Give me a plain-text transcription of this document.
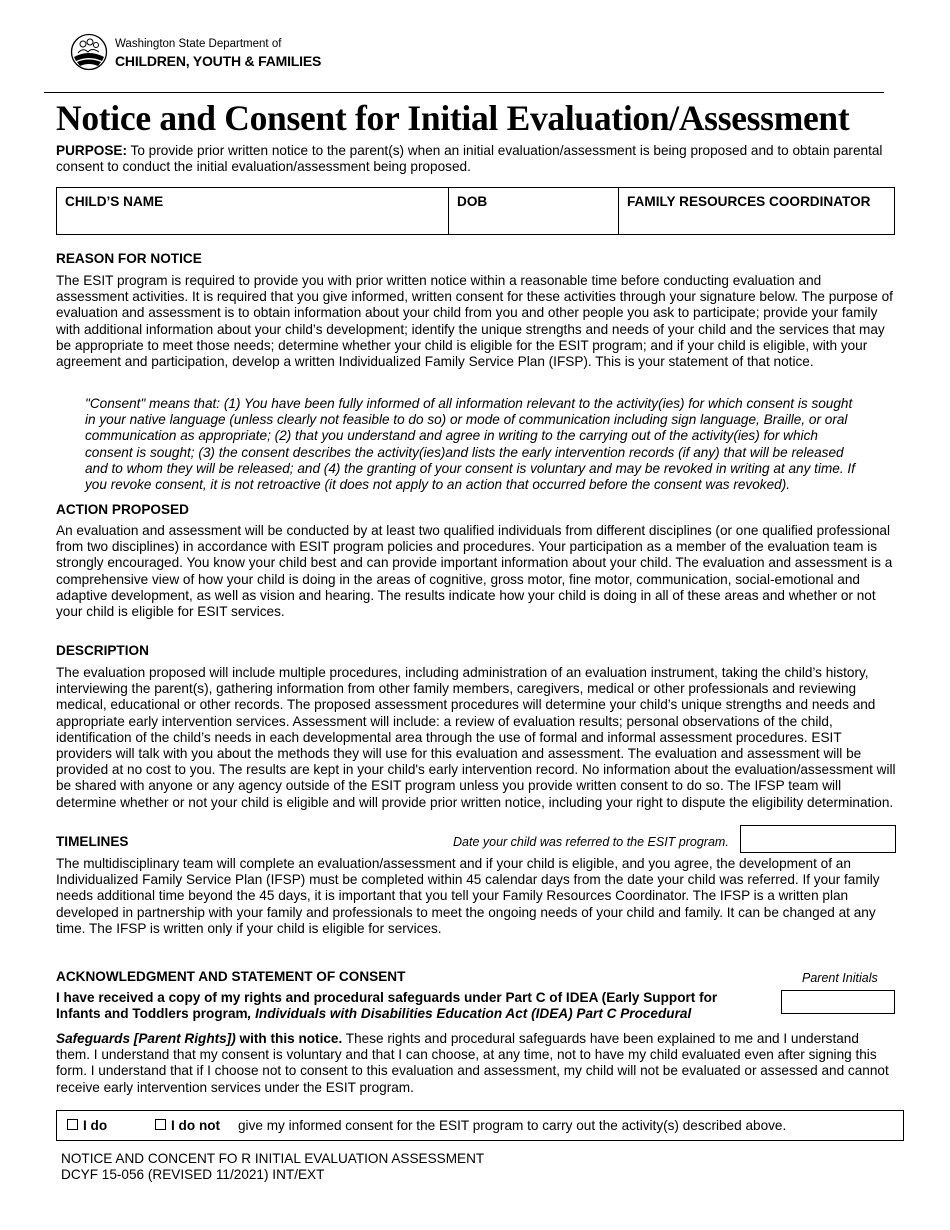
Washington State Department of
CHILDREN, YOUTH & FAMILIES
Notice and Consent for Initial Evaluation/Assessment
PURPOSE: To provide prior written notice to the parent(s) when an initial evaluation/assessment is being proposed and to obtain parental consent to conduct the initial evaluation/assessment being proposed.
CHILD’S NAME	DOB	FAMILY RESOURCES COORDINATOR
REASON FOR NOTICE
The ESIT program is required to provide you with prior written notice within a reasonable time before conducting evaluation and assessment activities. It is required that you give informed, written consent for these activities through your signature below. The purpose of evaluation and assessment is to obtain information about your child from you and other people you ask to participate; provide your family with additional information about your child’s development; identify the unique strengths and needs of your child and the services that may be appropriate to meet those needs; determine whether your child is eligible for the ESIT program; and if your child is eligible, with your agreement and participation, develop a written Individualized Family Service Plan (IFSP). This is your statement of that notice.
"Consent" means that: (1) You have been fully informed of all information relevant to the activity(ies) for which consent is sought in your native language (unless clearly not feasible to do so) or mode of communication including sign language, Braille, or oral communication as appropriate; (2) that you understand and agree in writing to the carrying out of the activity(ies) for which consent is sought; (3) the consent describes the activity(ies)and lists the early intervention records (if any) that will be released and to whom they will be released; and (4) the granting of your consent is voluntary and may be revoked in writing at any time. If you revoke consent, it is not retroactive (it does not apply to an action that occurred before the consent was revoked).
ACTION PROPOSED
An evaluation and assessment will be conducted by at least two qualified individuals from different disciplines (or one qualified professional from two disciplines) in accordance with ESIT program policies and procedures. Your participation as a member of the evaluation team is strongly encouraged. You know your child best and can provide important information about your child. The evaluation and assessment is a comprehensive view of how your child is doing in the areas of cognitive, gross motor, fine motor, communication, social-emotional and adaptive development, as well as vision and hearing. The results indicate how your child is doing in all of these areas and whether or not your child is eligible for ESIT services.
DESCRIPTION
The evaluation proposed will include multiple procedures, including administration of an evaluation instrument, taking the child’s history, interviewing the parent(s), gathering information from other family members, caregivers, medical or other professionals and reviewing medical, educational or other records. The proposed assessment procedures will determine your child’s unique strengths and needs and appropriate early intervention services. Assessment will include: a review of evaluation results; personal observations of the child, identification of the child’s needs in each developmental area through the use of formal and informal assessment procedures. ESIT providers will talk with you about the methods they will use for this evaluation and assessment. The evaluation and assessment will be provided at no cost to you. The results are kept in your child's early intervention record. No information about the evaluation/assessment will be shared with anyone or any agency outside of the ESIT program unless you provide written consent to do so. The IFSP team will determine whether or not your child is eligible and will provide prior written notice, including your right to dispute the eligibility determination.
TIMELINES	Date your child was referred to the ESIT program.
The multidisciplinary team will complete an evaluation/assessment and if your child is eligible, and you agree, the development of an Individualized Family Service Plan (IFSP) must be completed within 45 calendar days from the date your child was referred. If your family needs additional time beyond the 45 days, it is important that you tell your Family Resources Coordinator. The IFSP is a written plan developed in partnership with your family and professionals to meet the ongoing needs of your child and family. It can be changed at any time. The IFSP is written only if your child is eligible for services.
ACKNOWLEDGMENT AND STATEMENT OF CONSENT	Parent Initials
I have received a copy of my rights and procedural safeguards under Part C of IDEA (Early Support for
Infants and Toddlers program, Individuals with Disabilities Education Act (IDEA) Part C Procedural
Safeguards [Parent Rights]) with this notice. These rights and procedural safeguards have been explained to me and I understand them. I understand that my consent is voluntary and that I can choose, at any time, not to have my child evaluated even after signing this form. I understand that if I choose not to consent to this evaluation and assessment, my child will not be evaluated or assessed and cannot receive early intervention services under the ESIT program.
I do	I do not give my informed consent for the ESIT program to carry out the activity(s) described above.
NOTICE AND CONCENT FO R INITIAL EVALUATION ASSESSMENT
DCYF 15-056 (REVISED 11/2021) INT/EXT
